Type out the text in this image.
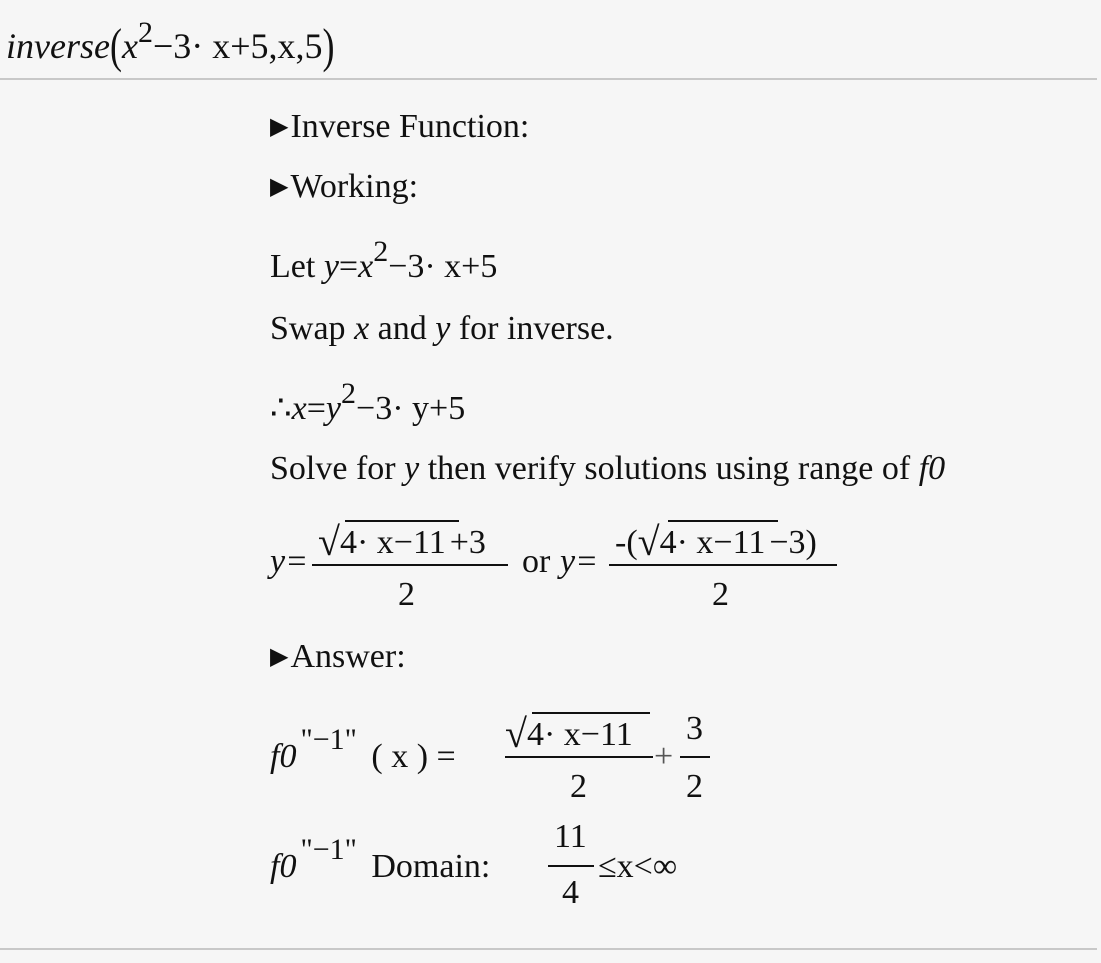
$inverse(x^2-3\cdot x+5,x,5)$
▶Inverse Function:
▶Working:
Let y=x2−3· x+5
Swap x and y for inverse.
∴x=y2−3· y+5
Solve for y then verify solutions using range of f0
y= √4· x−11 +3
2
or y=
-(√4· x−11 −3)
2
▶Answer:
f0 "−1" ( x ) =
√4· x−11
2
+
3
2
f0 "−1" Domain:
11
4
≤x<∞
